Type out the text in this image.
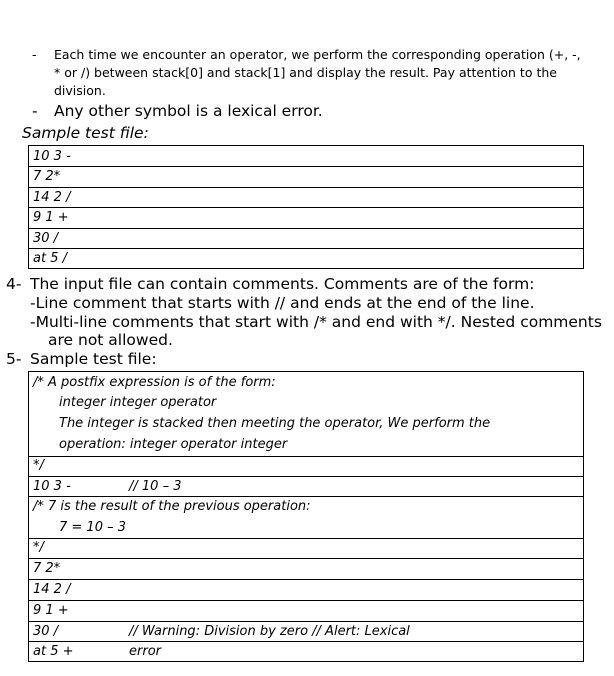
- Each time we encounter an operator, we perform the corresponding operation (+, -,
* or /) between stack[0] and stack[1] and display the result. Pay attention to the
division.
- Any other symbol is a lexical error.
Sample test file:
10 3 -
7 2*
14 2 /
9 1 +
30 /
at 5 /
4- The input file can contain comments. Comments are of the form:
-Line comment that starts with // and ends at the end of the line.
-Multi-line comments that start with /* and end with */. Nested comments
are not allowed.
5- Sample test file:
/* A postfix expression is of the form:
integer integer operator
The integer is stacked then meeting the operator, We perform the
operation: integer operator integer
*/
10 3 -	// 10 – 3
/* 7 is the result of the previous operation:
7 = 10 – 3
*/
7 2*
14 2 /
9 1 +
30 /	// Warning: Division by zero // Alert: Lexical
at 5 +	error
